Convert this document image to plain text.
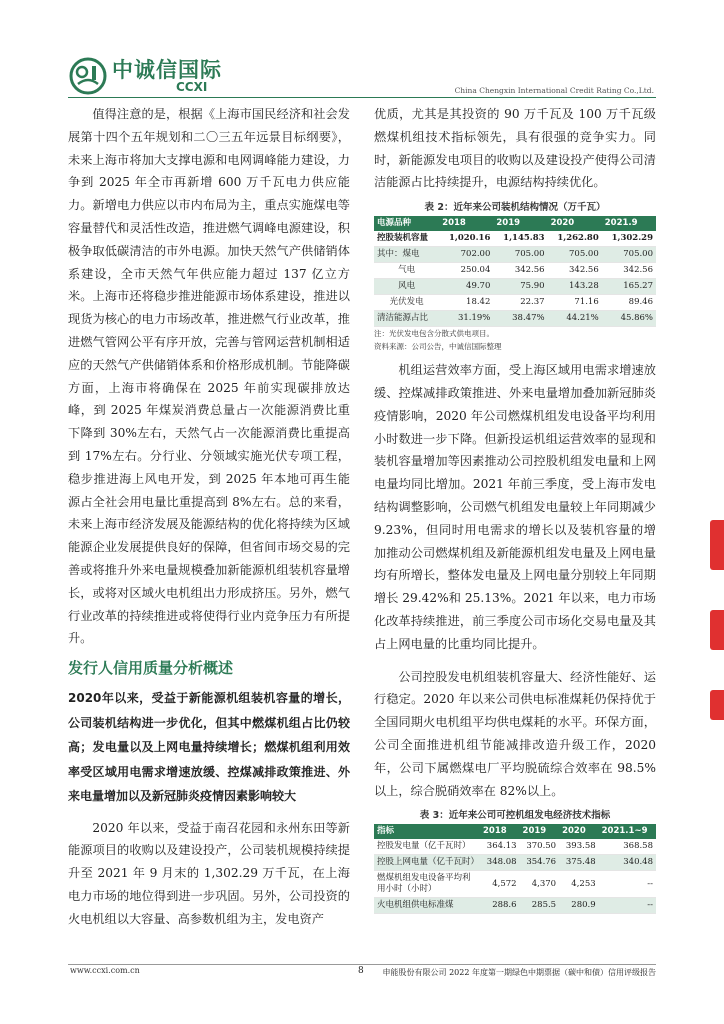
中诚信国际
CCXI	China Chengxin International Credit Rating Co.,Ltd.

值得注意的是，根据《上海市国民经济和社会发展第十四个五年规划和二〇三五年远景目标纲要》，未来上海市将加大支撑电源和电网调峰能力建设，力争到 2025 年全市再新增 600 万千瓦电力供应能力。新增电力供应以市内布局为主，重点实施煤电等容量替代和灵活性改造，推进燃气调峰电源建设，积极争取低碳清洁的市外电源。加快天然气产供储销体系建设，全市天然气年供应能力超过 137 亿立方米。上海市还将稳步推进能源市场体系建设，推进以现货为核心的电力市场改革，推进燃气行业改革，推进燃气管网公平有序开放，完善与管网运营机制相适应的天然气产供储销体系和价格形成机制。节能降碳方面，上海市将确保在 2025 年前实现碳排放达峰，到 2025 年煤炭消费总量占一次能源消费比重下降到 30%左右，天然气占一次能源消费比重提高到 17%左右。分行业、分领域实施光伏专项工程，稳步推进海上风电开发，到 2025 年本地可再生能源占全社会用电量比重提高到 8%左右。总的来看，未来上海市经济发展及能源结构的优化将持续为区域能源企业发展提供良好的保障，但省间市场交易的完善或将推升外来电量规模叠加新能源机组装机容量增长，或将对区域火电机组出力形成挤压。另外，燃气行业改革的持续推进或将使得行业内竞争压力有所提升。

发行人信用质量分析概述

2020年以来，受益于新能源机组装机容量的增长，公司装机结构进一步优化，但其中燃煤机组占比仍较高；发电量以及上网电量持续增长；燃煤机组利用效率受区域用电需求增速放缓、控煤减排政策推进、外来电量增加以及新冠肺炎疫情因素影响较大

2020 年以来，受益于南召花园和永州东田等新能源项目的收购以及建设投产，公司装机规模持续提升至 2021 年 9 月末的 1,302.29 万千瓦，在上海电力市场的地位得到进一步巩固。另外，公司投资的火电机组以大容量、高参数机组为主，发电资产

优质，尤其是其投资的 90 万千瓦及 100 万千瓦级燃煤机组技术指标领先，具有很强的竞争实力。同时，新能源发电项目的收购以及建设投产使得公司清洁能源占比持续提升，电源结构持续优化。

表 2：近年来公司装机结构情况（万千瓦）
电源品种	2018	2019	2020	2021.9
控股装机容量	1,020.16	1,145.83	1,262.80	1,302.29
其中：煤电	702.00	705.00	705.00	705.00
气电	250.04	342.56	342.56	342.56
风电	49.70	75.90	143.28	165.27
光伏发电	18.42	22.37	71.16	89.46
清洁能源占比	31.19%	38.47%	44.21%	45.86%
注：光伏发电包含分散式供电项目。
资料来源：公司公告，中诚信国际整理

机组运营效率方面，受上海区域用电需求增速放缓、控煤减排政策推进、外来电量增加叠加新冠肺炎疫情影响，2020 年公司燃煤机组发电设备平均利用小时数进一步下降。但新投运机组运营效率的显现和装机容量增加等因素推动公司控股机组发电量和上网电量均同比增加。2021 年前三季度，受上海市发电结构调整影响，公司燃气机组发电量较上年同期减少 9.23%，但同时用电需求的增长以及装机容量的增加推动公司燃煤机组及新能源机组发电量及上网电量均有所增长，整体发电量及上网电量分别较上年同期增长 29.42%和 25.13%。2021 年以来，电力市场化改革持续推进，前三季度公司市场化交易电量及其占上网电量的比重均同比提升。

公司控股发电机组装机容量大、经济性能好、运行稳定。2020 年以来公司供电标准煤耗仍保持优于全国同期火电机组平均供电煤耗的水平。环保方面，公司全面推进机组节能减排改造升级工作，2020 年，公司下属燃煤电厂平均脱硫综合效率在 98.5%以上，综合脱硝效率在 82%以上。

表 3：近年来公司可控机组发电经济技术指标
指标	2018	2019	2020	2021.1~9
控股发电量（亿千瓦时）	364.13	370.50	393.58	368.58
控股上网电量（亿千瓦时）	348.08	354.76	375.48	340.48
燃煤机组发电设备平均利用小时（小时）	4,572	4,370	4,253	--
火电机组供电标准煤	288.6	285.5	280.9	--
www.ccxi.com.cn	8	申能股份有限公司 2022 年度第一期绿色中期票据（碳中和债）信用评级报告
